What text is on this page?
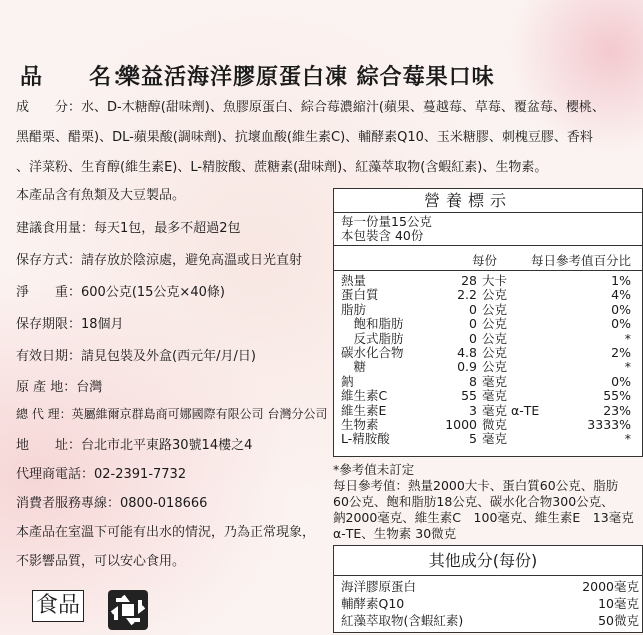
品　　名：樂益活海洋膠原蛋白凍 綜合莓果口味
成　　分：水、D-木糖醇(甜味劑)、魚膠原蛋白、綜合莓濃縮汁(蘋果、蔓越莓、草莓、覆盆莓、櫻桃、
黑醋栗、醋栗)、DL-蘋果酸(調味劑)、抗壞血酸(維生素C)、輔酵素Q10、玉米糖膠、刺槐豆膠、香料
、洋菜粉、生育醇(維生素E)、L-精胺酸、蔗糖素(甜味劑)、紅藻萃取物(含蝦紅素)、生物素。
本產品含有魚類及大豆製品。
建議食用量：每天1包，最多不超過2包
保存方式：請存放於陰涼處，避免高溫或日光直射
淨　　重：600公克(15公克×40條)
保存期限：18個月
有效日期：請見包裝及外盒(西元年/月/日)
原 產 地：台灣
總 代 理：英屬維爾京群島商可娜國際有限公司 台灣分公司
地　　址：台北市北平東路30號14樓之4
代理商電話：02-2391-7732
消費者服務專線：0800-018666
本產品在室溫下可能有出水的情況，乃為正常現象，
不影響品質，可以安心食用。
營養標示
每一份量15公克
本包裝含 40份
每份	每日參考值百分比
熱量	28 大卡	1%
蛋白質	2.2 公克	4%
脂肪	0 公克	0%
　飽和脂肪	0 公克	0%
　反式脂肪	0 公克	*
碳水化合物	4.8 公克	2%
　糖	0.9 公克	*
鈉	8 毫克	0%
維生素C	55 毫克	55%
維生素E	3 毫克 α-TE	23%
生物素	1000 微克	3333%
L-精胺酸	5 毫克	*
*參考值未訂定
每日參考值：熱量2000大卡、蛋白質60公克、脂肪
60公克、飽和脂肪18公克、碳水化合物300公克、
鈉2000毫克、維生素C　100毫克、維生素E　13毫克
α-TE、生物素 30微克
其他成分(每份)
海洋膠原蛋白	2000 毫克
輔酵素Q10	10 毫克
紅藻萃取物(含蝦紅素)	50 微克
食品
